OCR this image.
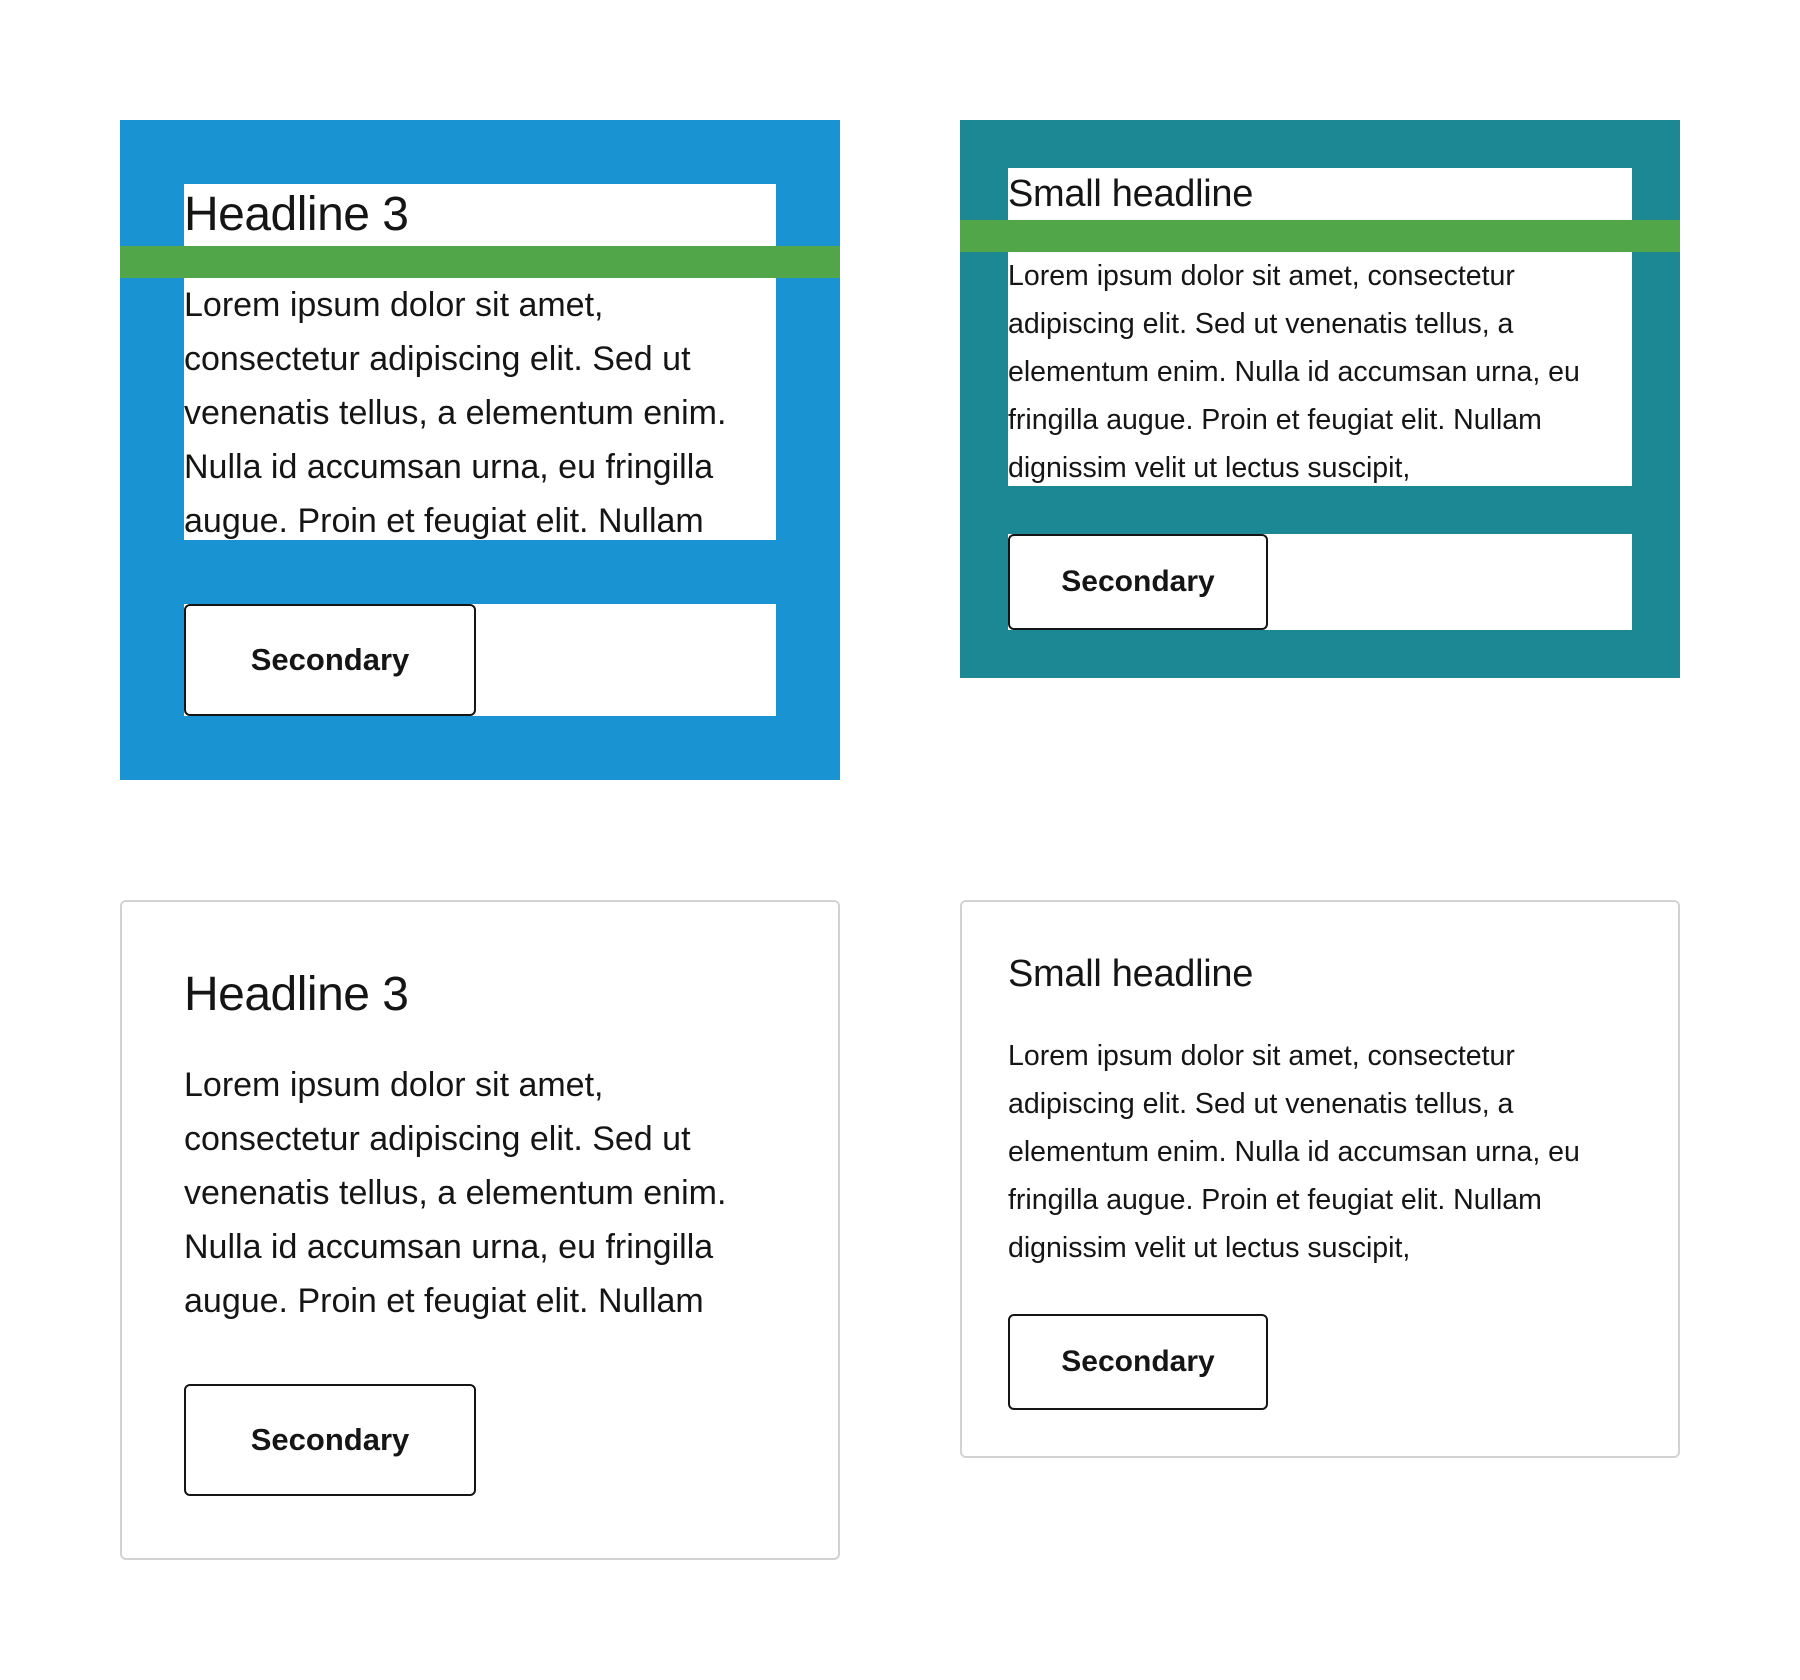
Headline 3

Lorem ipsum dolor sit amet, consectetur adipiscing elit. Sed ut venenatis tellus, a elementum enim. Nulla id accumsan urna, eu fringilla augue. Proin et feugiat elit. Nullam

Secondary
Small headline

Lorem ipsum dolor sit amet, consectetur adipiscing elit. Sed ut venenatis tellus, a elementum enim. Nulla id accumsan urna, eu fringilla augue. Proin et feugiat elit. Nullam dignissim velit ut lectus suscipit,

Secondary
Headline 3

Lorem ipsum dolor sit amet, consectetur adipiscing elit. Sed ut venenatis tellus, a elementum enim. Nulla id accumsan urna, eu fringilla augue. Proin et feugiat elit. Nullam

Secondary
Small headline

Lorem ipsum dolor sit amet, consectetur adipiscing elit. Sed ut venenatis tellus, a elementum enim. Nulla id accumsan urna, eu fringilla augue. Proin et feugiat elit. Nullam dignissim velit ut lectus suscipit,

Secondary
